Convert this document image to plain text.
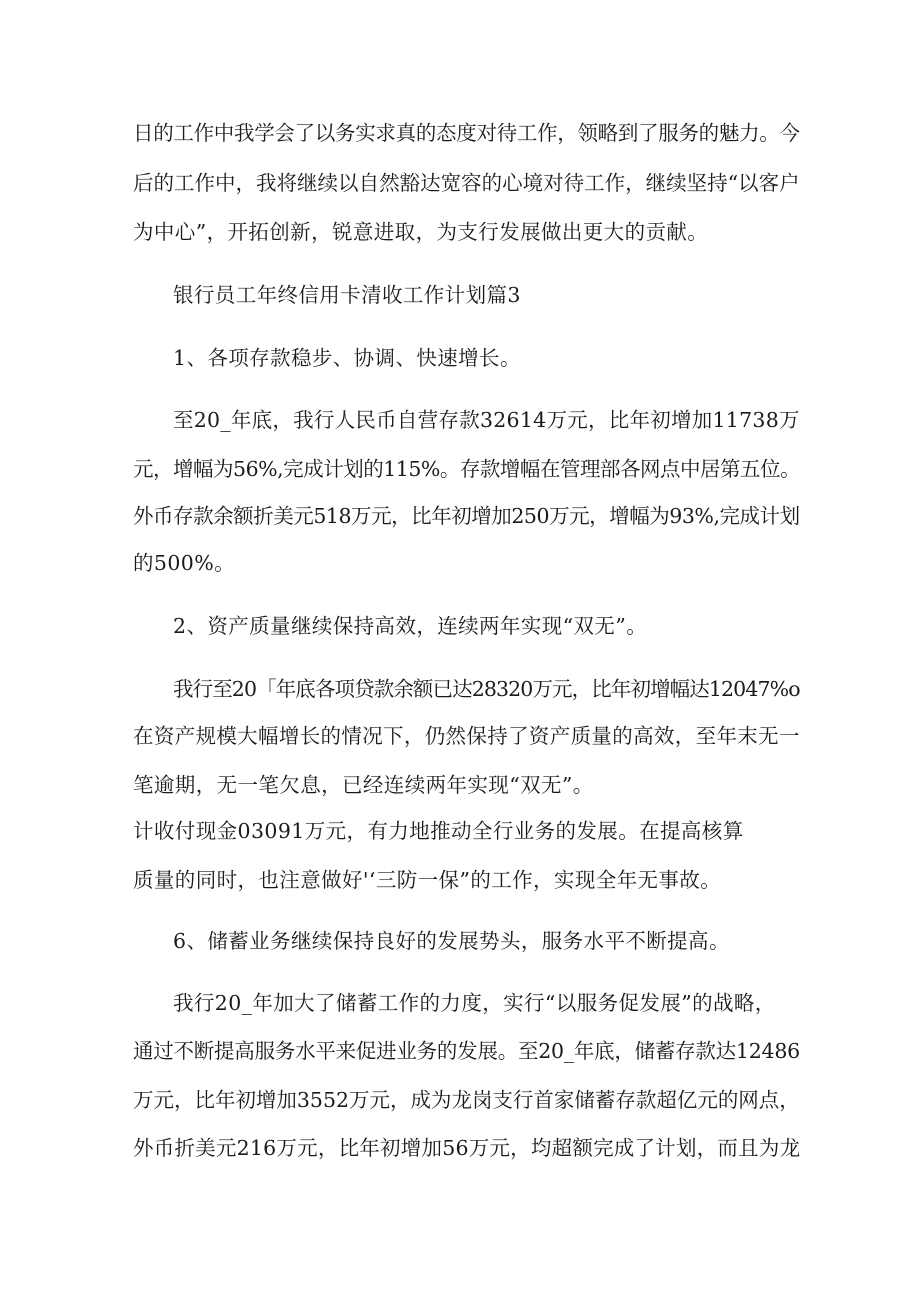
日的工作中我学会了以务实求真的态度对待工作，领略到了服务的魅力。今
后的工作中，我将继续以自然豁达宽容的心境对待工作，继续坚持“以客户
为中心”，开拓创新，锐意进取，为支行发展做出更大的贡献。
银行员工年终信用卡清收工作计划篇3
1、各项存款稳步、协调、快速增长。
至20_年底，我行人民币自营存款32614万元，比年初增加11738万
元，增幅为56%,完成计划的115%。存款增幅在管理部各网点中居第五位。
外币存款余额折美元518万元，比年初增加250万元，增幅为93%,完成计划
的500%。
2、资产质量继续保持高效，连续两年实现“双无”。
我行至20「年底各项贷款余额已达28320万元，比年初增幅达12047%o
在资产规模大幅增长的情况下，仍然保持了资产质量的高效，至年末无一
笔逾期，无一笔欠息，已经连续两年实现“双无”。
计收付现金03091万元，有力地推动全行业务的发展。在提高核算
质量的同时，也注意做好'‘三防一保”的工作，实现全年无事故。
6、储蓄业务继续保持良好的发展势头，服务水平不断提高。
我行20_年加大了储蓄工作的力度，实行“以服务促发展”的战略，
通过不断提高服务水平来促进业务的发展。至20_年底，储蓄存款达12486
万元，比年初增加3552万元，成为龙岗支行首家储蓄存款超亿元的网点，
外币折美元216万元，比年初增加56万元，均超额完成了计划，而且为龙
